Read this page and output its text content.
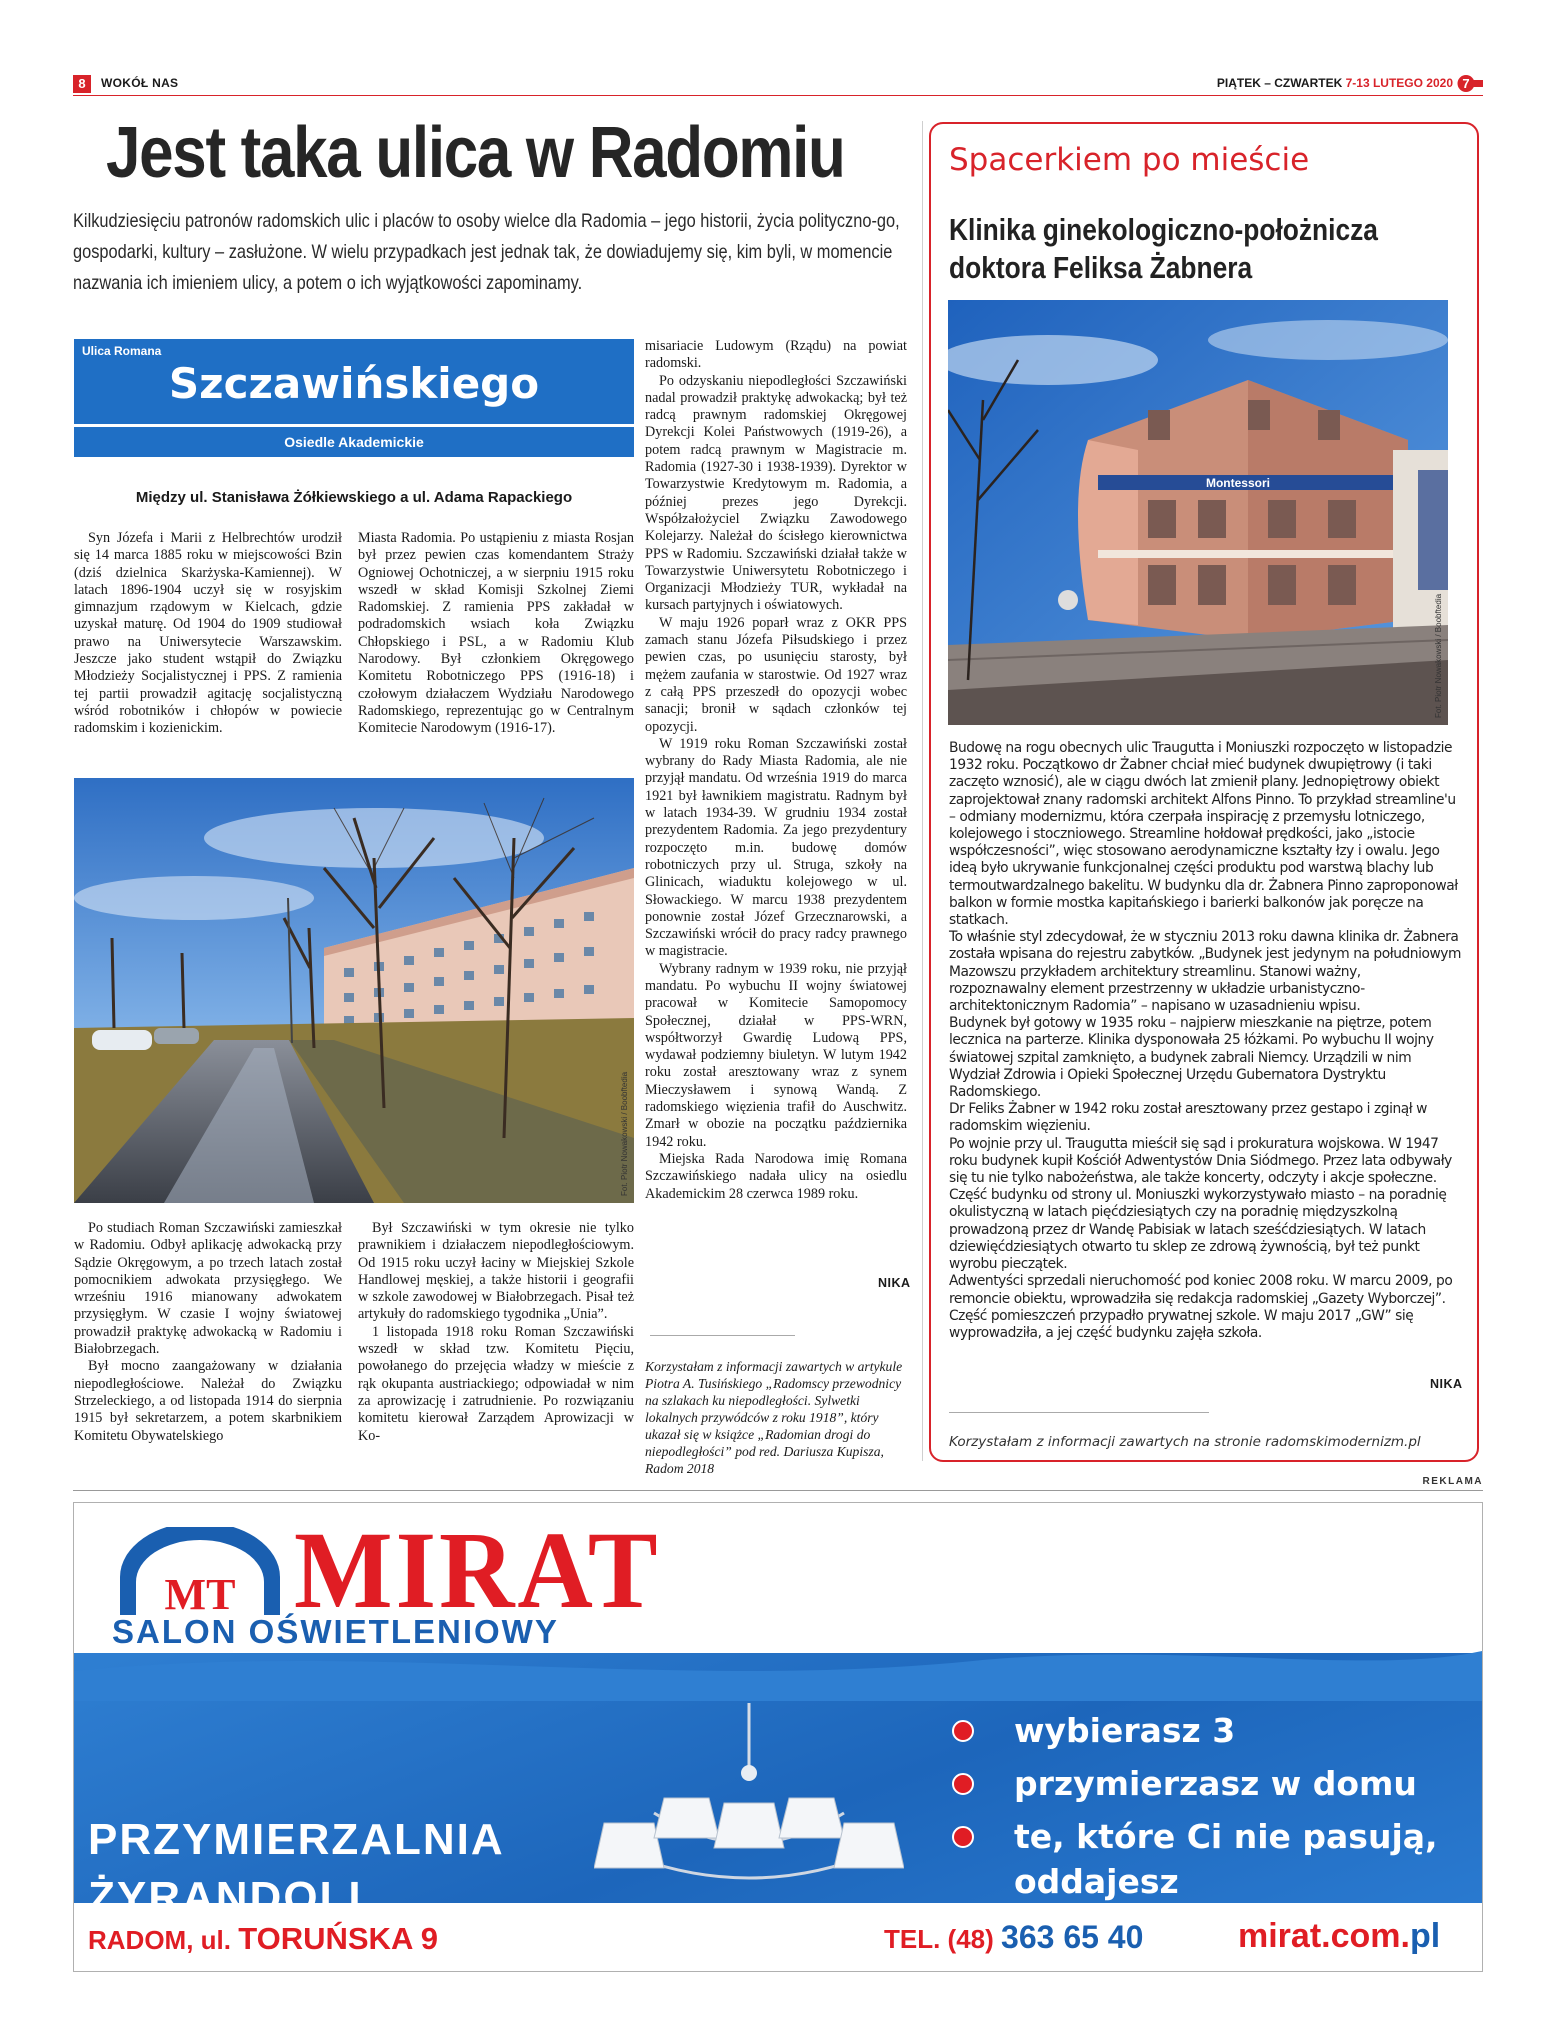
8	WOKÓŁ NAS	PIĄTEK – CZWARTEK 7-13 LUTEGO 2020 7
Jest taka ulica w Radomiu

Kilkudziesięciu patronów radomskich ulic i placów to osoby wielce dla Radomia – jego historii, życia polityczno-go, gospodarki, kultury – zasłużone. W wielu przypadkach jest jednak tak, że dowiadujemy się, kim byli, w momencie nazwania ich imieniem ulicy, a potem o ich wyjątkowości zapominamy.

Ulica Romana
Szczawińskiego
Osiedle Akademickie
Między ul. Stanisława Żółkiewskiego a ul. Adama Rapackiego

Syn Józefa i Marii z Helbrechtów urodził się 14 marca 1885 roku w miejscowości Bzin (dziś dzielnica Skarżyska-Kamiennej). W latach 1896-1904 uczył się w rosyjskim gimnazjum rządowym w Kielcach, gdzie uzyskał maturę. Od 1904 do 1909 studiował prawo na Uniwersytecie Warszawskim. Jeszcze jako student wstąpił do Związku Młodzieży Socjalistycznej i PPS. Z ramienia tej partii prowadził agitację socjalistyczną wśród robotników i chłopów w powiecie radomskim i kozienickim.

Miasta Radomia. Po ustąpieniu z miasta Rosjan był przez pewien czas komendantem Straży Ogniowej Ochotniczej, a w sierpniu 1915 roku wszedł w skład Komisji Szkolnej Ziemi Radomskiej. Z ramienia PPS zakładał w podradomskich wsiach koła Związku Chłopskiego i PSL, a w Radomiu Klub Narodowy. Był członkiem Okręgowego Komitetu Robotniczego PPS (1916-18) i czołowym działaczem Wydziału Narodowego Radomskiego, reprezentując go w Centralnym Komitecie Narodowym (1916-17).

Fot. Piotr Nowakowski / Boobftedia

Po studiach Roman Szczawiński zamieszkał w Radomiu. Odbył aplikację adwokacką przy Sądzie Okręgowym, a po trzech latach został pomocnikiem adwokata przysięgłego. We wrześniu 1916 mianowany adwokatem przysięgłym. W czasie I wojny światowej prowadził praktykę adwokacką w Radomiu i Białobrzegach.

Był mocno zaangażowany w działania niepodległościowe. Należał do Związku Strzeleckiego, a od listopada 1914 do sierpnia 1915 był sekretarzem, a potem skarbnikiem Komitetu Obywatelskiego

Był Szczawiński w tym okresie nie tylko prawnikiem i działaczem niepodległościowym. Od 1915 roku uczył łaciny w Miejskiej Szkole Handlowej męskiej, a także historii i geografii w szkole zawodowej w Białobrzegach. Pisał też artykuły do radomskiego tygodnika „Unia”.

1 listopada 1918 roku Roman Szczawiński wszedł w skład tzw. Komitetu Pięciu, powołanego do przejęcia władzy w mieście z rąk okupanta austriackiego; odpowiadał w nim za aprowizację i zatrudnienie. Po rozwiązaniu komitetu kierował Zarządem Aprowizacji w Ko-

misariacie Ludowym (Rządu) na powiat radomski.

Po odzyskaniu niepodległości Szczawiński nadal prowadził praktykę adwokacką; był też radcą prawnym radomskiej Okręgowej Dyrekcji Kolei Państwowych (1919-26), a potem radcą prawnym w Magistracie m. Radomia (1927-30 i 1938-1939). Dyrektor w Towarzystwie Kredytowym m. Radomia, a później prezes jego Dyrekcji. Współzałożyciel Związku Zawodowego Kolejarzy. Należał do ścisłego kierownictwa PPS w Radomiu. Szczawiński działał także w Towarzystwie Uniwersytetu Robotniczego i Organizacji Młodzieży TUR, wykładał na kursach partyjnych i oświatowych.

W maju 1926 poparł wraz z OKR PPS zamach stanu Józefa Piłsudskiego i przez pewien czas, po usunięciu starosty, był mężem zaufania w starostwie. Od 1927 wraz z całą PPS przeszedł do opozycji wobec sanacji; bronił w sądach członków tej opozycji.

W 1919 roku Roman Szczawiński został wybrany do Rady Miasta Radomia, ale nie przyjął mandatu. Od września 1919 do marca 1921 był ławnikiem magistratu. Radnym był w latach 1934-39. W grudniu 1934 został prezydentem Radomia. Za jego prezydentury rozpoczęto m.in. budowę domów robotniczych przy ul. Struga, szkoły na Glinicach, wiaduktu kolejowego w ul. Słowackiego. W marcu 1938 prezydentem ponownie został Józef Grzecznarowski, a Szczawiński wrócił do pracy radcy prawnego w magistracie.

Wybrany radnym w 1939 roku, nie przyjął mandatu. Po wybuchu II wojny światowej pracował w Komitecie Samopomocy Społecznej, działał w PPS-WRN, współtworzył Gwardię Ludową PPS, wydawał podziemny biuletyn. W lutym 1942 roku został aresztowany wraz z synem Mieczysławem i synową Wandą. Z radomskiego więzienia trafił do Auschwitz. Zmarł w obozie na początku października 1942 roku.

Miejska Rada Narodowa imię Romana Szczawińskiego nadała ulicy na osiedlu Akademickim 28 czerwca 1989 roku.

NIKA
Korzystałam z informacji zawartych w artykule Piotra A. Tusińskiego „Radomscy przewodnicy na szlakach ku niepodległości. Sylwetki lokalnych przywódców z roku 1918”, który ukazał się w książce „Radomian drogi do niepodległości” pod red. Dariusza Kupisza, Radom 2018
Spacerkiem po mieście
Klinika ginekologiczno-położnicza doktora Feliksa Żabnera
Montessori
Fot. Piotr Nowakowski / Boobftedia

Budowę na rogu obecnych ulic Traugutta i Moniuszki rozpoczęto w listopadzie 1932 roku. Początkowo dr Żabner chciał mieć budynek dwupiętrowy (i taki zaczęto wznosić), ale w ciągu dwóch lat zmienił plany. Jednopiętrowy obiekt zaprojektował znany radomski architekt Alfons Pinno. To przykład streamline'u – odmiany modernizmu, która czerpała inspirację z przemysłu lotniczego, kolejowego i stoczniowego. Streamline hołdował prędkości, jako „istocie współczesności”, więc stosowano aerodynamiczne kształty łzy i owalu. Jego ideą było ukrywanie funkcjonalnej części produktu pod warstwą blachy lub termoutwardzalnego bakelitu. W budynku dla dr. Żabnera Pinno zaproponował balkon w formie mostka kapitańskiego i barierki balkonów jak poręcze na statkach.

To właśnie styl zdecydował, że w styczniu 2013 roku dawna klinika dr. Żabnera została wpisana do rejestru zabytków. „Budynek jest jedynym na południowym Mazowszu przykładem architektury streamlinu. Stanowi ważny, rozpoznawalny element przestrzenny w układzie urbanistyczno-architektonicznym Radomia” – napisano w uzasadnieniu wpisu.

Budynek był gotowy w 1935 roku – najpierw mieszkanie na piętrze, potem lecznica na parterze. Klinika dysponowała 25 łóżkami. Po wybuchu II wojny światowej szpital zamknięto, a budynek zabrali Niemcy. Urządzili w nim Wydział Zdrowia i Opieki Społecznej Urzędu Gubernatora Dystryktu Radomskiego.

Dr Feliks Żabner w 1942 roku został aresztowany przez gestapo i zginął w radomskim więzieniu.

Po wojnie przy ul. Traugutta mieścił się sąd i prokuratura wojskowa. W 1947 roku budynek kupił Kościół Adwentystów Dnia Siódmego. Przez lata odbywały się tu nie tylko nabożeństwa, ale także koncerty, odczyty i akcje społeczne. Część budynku od strony ul. Moniuszki wykorzystywało miasto – na poradnię okulistyczną w latach pięćdziesiątych czy na poradnię międzyszkolną prowadzoną przez dr Wandę Pabisiak w latach sześćdziesiątych. W latach dziewięćdziesiątych otwarto tu sklep ze zdrową żywnością, był też punkt wyrobu pieczątek.

Adwentyści sprzedali nieruchomość pod koniec 2008 roku. W marcu 2009, po remoncie obiektu, wprowadziła się redakcja radomskiej „Gazety Wyborczej”. Część pomieszczeń przypadło prywatnej szkole. W maju 2017 „GW” się wyprowadziła, a jej część budynku zajęła szkoła.

NIKA
Korzystałam z informacji zawartych na stronie radomskimodernizm.pl
REKLAMA
MT MIRAT
SALON OŚWIETLENIOWY
PRZYMIERZALNIA
ŻYRANDOLI
wybierasz 3
przymierzasz w domu
te, które Ci nie pasują, oddajesz
RADOM, ul. TORUŃSKA 9	TEL. (48) 363 65 40	mirat.com.pl
